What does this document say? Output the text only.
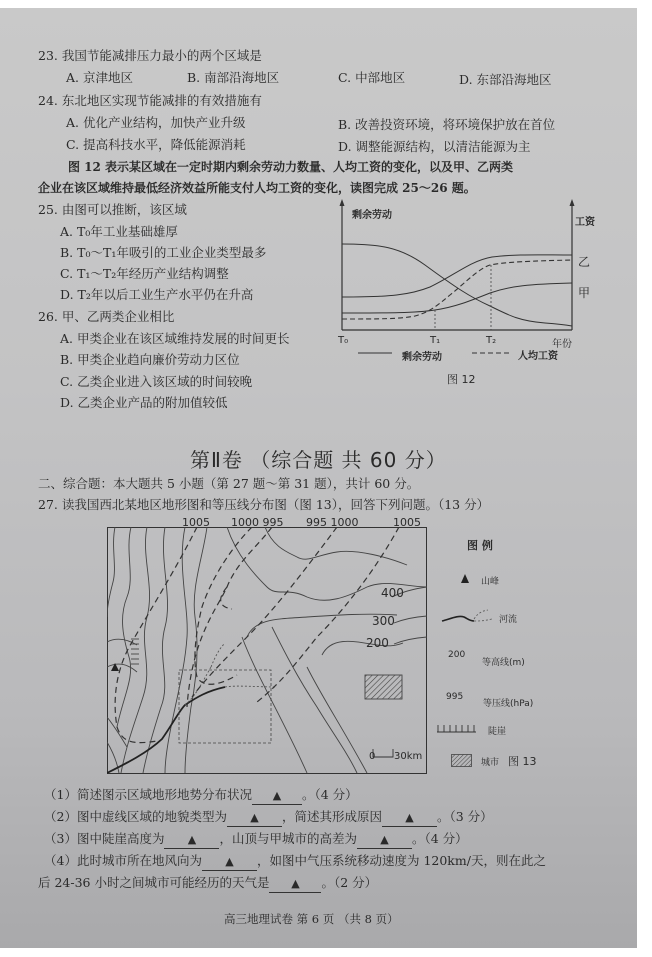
23. 我国节能减排压力最小的两个区域是
A. 京津地区	B. 南部沿海地区	C. 中部地区	D. 东部沿海地区
24. 东北地区实现节能减排的有效措施有
A. 优化产业结构，加快产业升级	B. 改善投资环境，将环境保护放在首位
C. 提高科技水平，降低能源消耗	D. 调整能源结构，以清洁能源为主
图 12 表示某区域在一定时期内剩余劳动力数量、人均工资的变化，以及甲、乙两类
企业在该区域维持最低经济效益所能支付人均工资的变化，读图完成 25～26 题。
25. 由图可以推断，该区域
A. T₀年工业基础雄厚
B. T₀～T₁年吸引的工业企业类型最多
C. T₁～T₂年经历产业结构调整
D. T₂年以后工业生产水平仍在升高
26. 甲、乙两类企业相比
A. 甲类企业在该区域维持发展的时间更长
B. 甲类企业趋向廉价劳动力区位
C. 乙类企业进入该区域的时间较晚
D. 乙类企业产品的附加值较低
剩余劳动
工资
乙
甲
T₀	T₁	T₂	年份
剩余劳动	人均工资
图 12
第Ⅱ卷 （综合题 共 60 分）
二、综合题：本大题共 5 小题（第 27 题～第 31 题），共计 60 分。
27. 读我国西北某地区地形图和等压线分布图（图 13），回答下列问题。（13 分）
1005 1000 995 995 1000	1005
400
300
200
0 30km
图 例
山峰
河流
200
等高线(m)
995
等压线(hPa)
陡崖
城市 图 13
（1）简述图示区域地形地势分布状况 ▲ 。（4 分）
（2）图中虚线区域的地貌类型为 ▲ ，简述其形成原因 ▲ 。（3 分）
（3）图中陡崖高度为 ▲ ，山顶与甲城市的高差为 ▲ 。（4 分）
（4）此时城市所在地风向为 ▲ ，如图中气压系统移动速度为 120km/天，则在此之
后 24-36 小时之间城市可能经历的天气是 ▲ 。（2 分）
高三地理试卷 第 6 页 （共 8 页）
